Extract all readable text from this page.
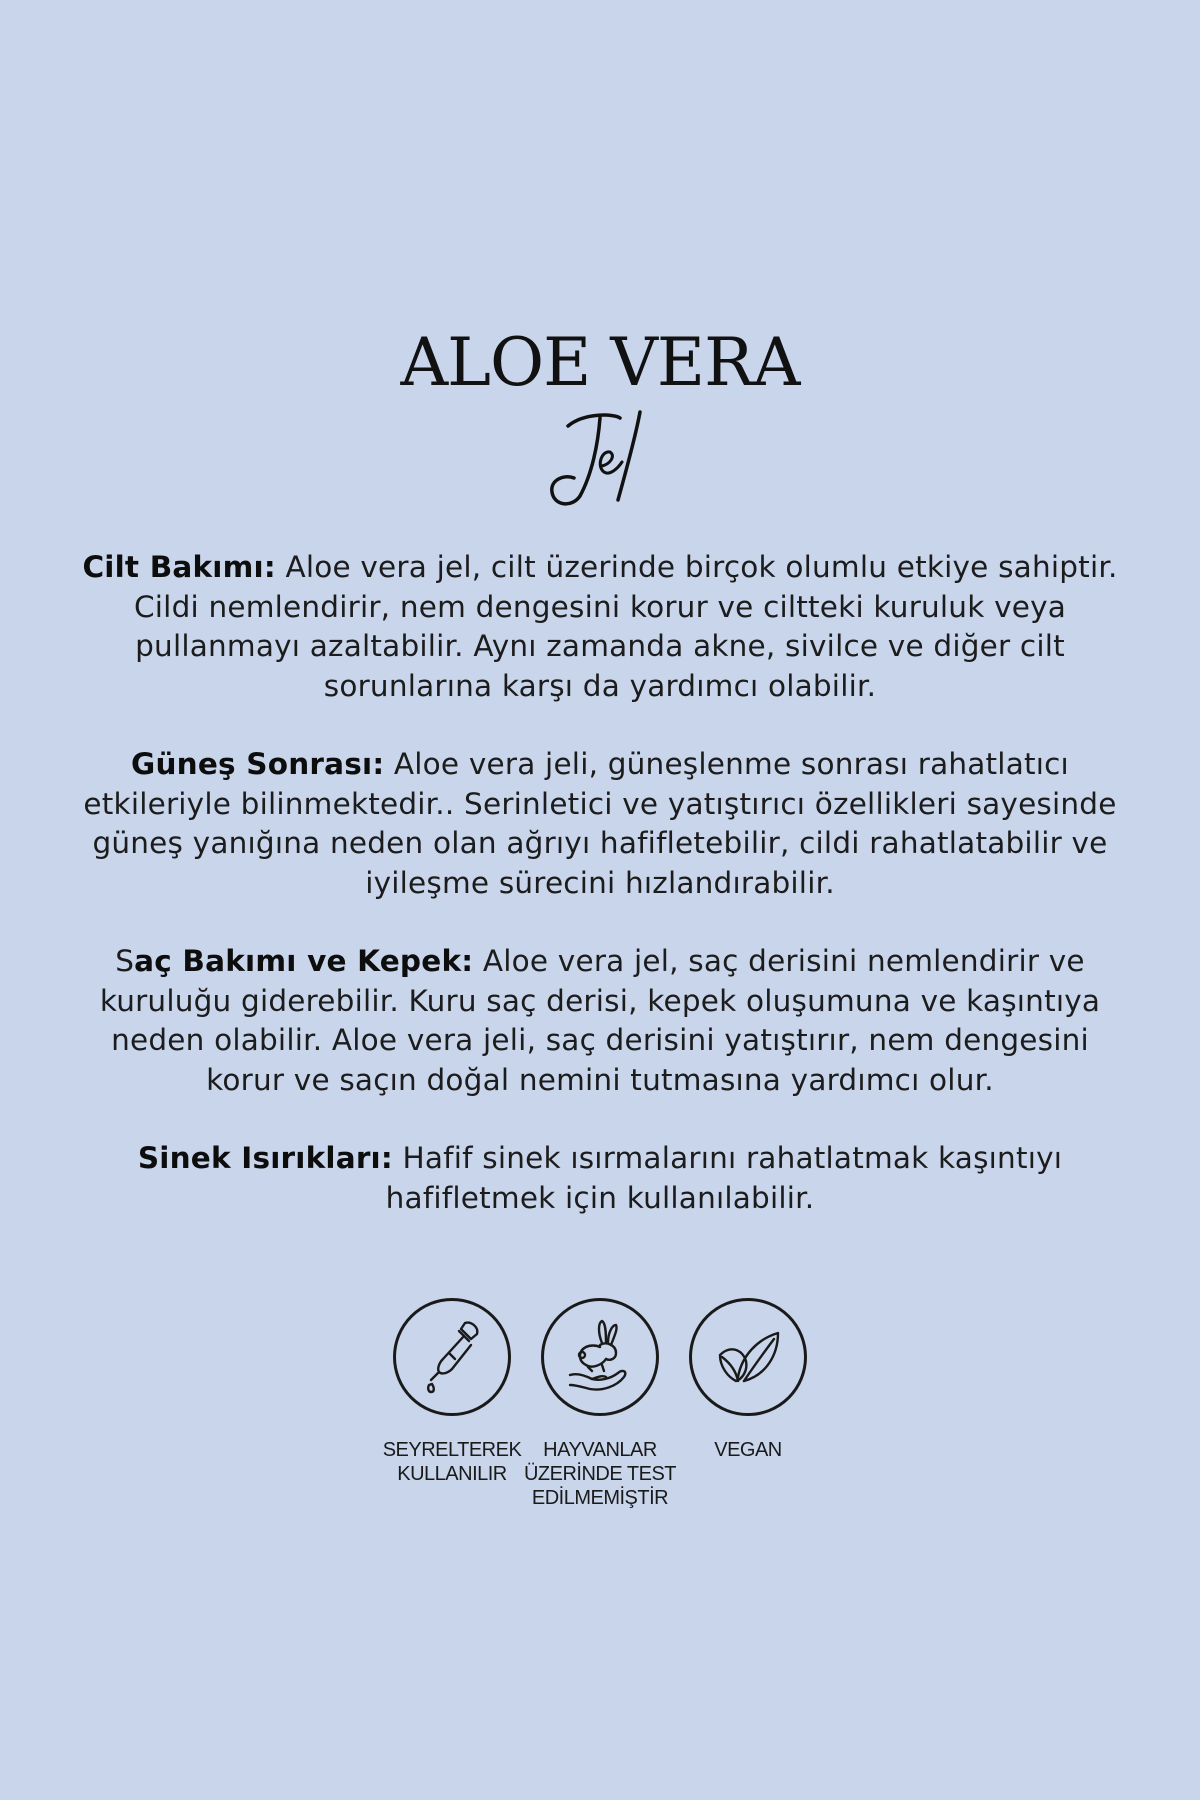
ALOE VERA

Cilt Bakımı: Aloe vera jel, cilt üzerinde birçok olumlu etkiye sahiptir. Cildi nemlendirir, nem dengesini korur ve ciltteki kuruluk veya pullanmayı azaltabilir. Aynı zamanda akne, sivilce ve diğer cilt sorunlarına karşı da yardımcı olabilir.

Güneş Sonrası: Aloe vera jeli, güneşlenme sonrası rahatlatıcı etkileriyle bilinmektedir.. Serinletici ve yatıştırıcı özellikleri sayesinde güneş yanığına neden olan ağrıyı hafifletebilir, cildi rahatlatabilir ve iyileşme sürecini hızlandırabilir.

Saç Bakımı ve Kepek: Aloe vera jel, saç derisini nemlendirir ve kuruluğu giderebilir. Kuru saç derisi, kepek oluşumuna ve kaşıntıya neden olabilir. Aloe vera jeli, saç derisini yatıştırır, nem dengesini korur ve saçın doğal nemini tutmasına yardımcı olur.

Sinek Isırıkları: Hafif sinek ısırmalarını rahatlatmak kaşıntıyı hafifletmek için kullanılabilir.

SEYRELTEREK
KULLANILIR
HAYVANLAR
ÜZERİNDE TEST
EDİLMEMİŞTİR
VEGAN
